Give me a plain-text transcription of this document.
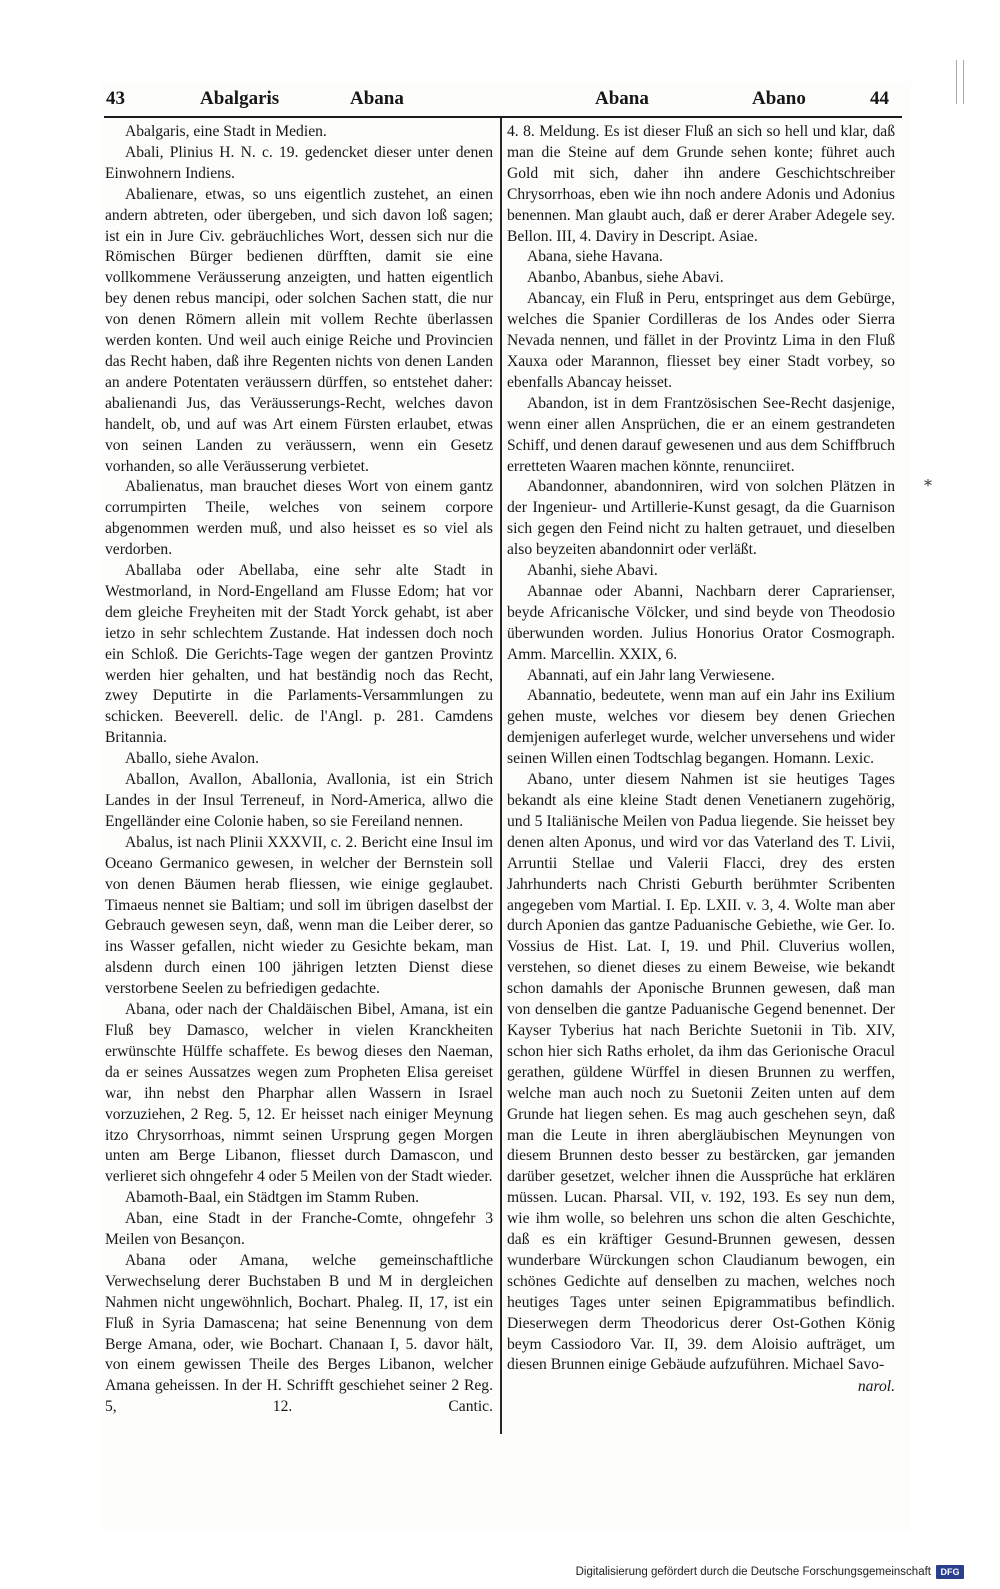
43	Abalgaris	Abana	Abana	Abano	44

Abalgaris, eine Stadt in Medien.

Abali, Plinius H. N. c. 19. gedencket dieser unter denen Einwohnern Indiens.

Abalienare, etwas, so uns eigentlich zustehet, an einen andern abtreten, oder übergeben, und sich davon loß sagen; ist ein in Jure Civ. gebräuchliches Wort, dessen sich nur die Römischen Bürger bedienen dürfften, damit sie eine vollkommene Veräusserung anzeigten, und hatten eigentlich bey denen rebus mancipi, oder solchen Sachen statt, die nur von denen Römern allein mit vollem Rechte überlassen werden konten. Und weil auch einige Reiche und Provincien das Recht haben, daß ihre Regenten nichts von denen Landen an andere Potentaten veräussern dürffen, so entstehet daher: abalienandi Jus, das Veräusserungs-Recht, welches davon handelt, ob, und auf was Art einem Fürsten erlaubet, etwas von seinen Landen zu veräussern, wenn ein Gesetz vorhanden, so alle Veräusserung verbietet.

Abalienatus, man brauchet dieses Wort von einem gantz corrumpirten Theile, welches von seinem corpore abgenommen werden muß, und also heisset es so viel als verdorben.

Aballaba oder Abellaba, eine sehr alte Stadt in Westmorland, in Nord-Engelland am Flusse Edom; hat vor dem gleiche Freyheiten mit der Stadt Yorck gehabt, ist aber ietzo in sehr schlechtem Zustande. Hat indessen doch noch ein Schloß. Die Gerichts-Tage wegen der gantzen Provintz werden hier gehalten, und hat beständig noch das Recht, zwey Deputirte in die Parlaments-Versammlungen zu schicken. Beeverell. delic. de l'Angl. p. 281. Camdens Britannia.

Aballo, siehe Avalon.

Aballon, Avallon, Aballonia, Avallonia, ist ein Strich Landes in der Insul Terreneuf, in Nord-America, allwo die Engelländer eine Colonie haben, so sie Fereiland nennen.

Abalus, ist nach Plinii XXXVII, c. 2. Bericht eine Insul im Oceano Germanico gewesen, in welcher der Bernstein soll von denen Bäumen herab fliessen, wie einige geglaubet. Timaeus nennet sie Baltiam; und soll im übrigen daselbst der Gebrauch gewesen seyn, daß, wenn man die Leiber derer, so ins Wasser gefallen, nicht wieder zu Gesichte bekam, man alsdenn durch einen 100 jährigen letzten Dienst diese verstorbene Seelen zu befriedigen gedachte.

Abana, oder nach der Chaldäischen Bibel, Amana, ist ein Fluß bey Damasco, welcher in vielen Kranckheiten erwünschte Hülffe schaffete. Es bewog dieses den Naeman, da er seines Aussatzes wegen zum Propheten Elisa gereiset war, ihn nebst den Pharphar allen Wassern in Israel vorzuziehen, 2 Reg. 5, 12. Er heisset nach einiger Meynung itzo Chrysorrhoas, nimmt seinen Ursprung gegen Morgen unten am Berge Libanon, fliesset durch Damascon, und verlieret sich ohngefehr 4 oder 5 Meilen von der Stadt wieder.

Abamoth-Baal, ein Städtgen im Stamm Ruben.

Aban, eine Stadt in der Franche-Comte, ohngefehr 3 Meilen von Besançon.

Abana oder Amana, welche gemeinschaftliche Verwechselung derer Buchstaben B und M in dergleichen Nahmen nicht ungewöhnlich, Bochart. Phaleg. II, 17, ist ein Fluß in Syria Damascena; hat seine Benennung von dem Berge Amana, oder, wie Bochart. Chanaan I, 5. davor hält, von einem gewissen Theile des Berges Libanon, welcher Amana geheissen. In der H. Schrifft geschiehet seiner 2 Reg. 5, 12. Cantic.

4. 8. Meldung. Es ist dieser Fluß an sich so hell und klar, daß man die Steine auf dem Grunde sehen konte; führet auch Gold mit sich, daher ihn andere Geschichtschreiber Chrysorrhoas, eben wie ihn noch andere Adonis und Adonius benennen. Man glaubt auch, daß er derer Araber Adegele sey. Bellon. III, 4. Daviry in Descript. Asiae.

Abana, siehe Havana.

Abanbo, Abanbus, siehe Abavi.

Abancay, ein Fluß in Peru, entspringet aus dem Gebürge, welches die Spanier Cordilleras de los Andes oder Sierra Nevada nennen, und fället in der Provintz Lima in den Fluß Xauxa oder Marannon, fliesset bey einer Stadt vorbey, so ebenfalls Abancay heisset.

Abandon, ist in dem Frantzösischen See-Recht dasjenige, wenn einer allen Ansprüchen, die er an einem gestrandeten Schiff, und denen darauf gewesenen und aus dem Schiffbruch erretteten Waaren machen könnte, renunciiret.

Abandonner, abandonniren, wird von solchen Plätzen in der Ingenieur- und Artillerie-Kunst gesagt, da die Guarnison sich gegen den Feind nicht zu halten getrauet, und dieselben also beyzeiten abandonnirt oder verläßt.

Abanhi, siehe Abavi.

Abannae oder Abanni, Nachbarn derer Caprarienser, beyde Africanische Völcker, und sind beyde von Theodosio überwunden worden. Julius Honorius Orator Cosmograph. Amm. Marcellin. XXIX, 6.

Abannati, auf ein Jahr lang Verwiesene.

Abannatio, bedeutete, wenn man auf ein Jahr ins Exilium gehen muste, welches vor diesem bey denen Griechen demjenigen auferleget wurde, welcher unversehens und wider seinen Willen einen Todtschlag begangen. Homann. Lexic.

Abano, unter diesem Nahmen ist sie heutiges Tages bekandt als eine kleine Stadt denen Venetianern zugehörig, und 5 Italiänische Meilen von Padua liegende. Sie heisset bey denen alten Aponus, und wird vor das Vaterland des T. Livii, Arruntii Stellae und Valerii Flacci, drey des ersten Jahrhunderts nach Christi Geburth berühmter Scribenten angegeben vom Martial. I. Ep. LXII. v. 3, 4. Wolte man aber durch Aponien das gantze Paduanische Gebiethe, wie Ger. Io. Vossius de Hist. Lat. I, 19. und Phil. Cluverius wollen, verstehen, so dienet dieses zu einem Beweise, wie bekandt schon damahls der Aponische Brunnen gewesen, daß man von denselben die gantze Paduanische Gegend benennet. Der Kayser Tyberius hat nach Berichte Suetonii in Tib. XIV, schon hier sich Raths erholet, da ihm das Gerionische Oracul gerathen, güldene Würffel in diesen Brunnen zu werffen, welche man auch noch zu Suetonii Zeiten unten auf dem Grunde hat liegen sehen. Es mag auch geschehen seyn, daß man die Leute in ihren abergläubischen Meynungen von diesem Brunnen desto besser zu bestärcken, gar jemanden darüber gesetzet, welcher ihnen die Aussprüche hat erklären müssen. Lucan. Pharsal. VII, v. 192, 193. Es sey nun dem, wie ihm wolle, so belehren uns schon die alten Geschichte, daß es ein kräftiger Gesund-Brunnen gewesen, dessen wunderbare Würckungen schon Claudianum bewogen, ein schönes Gedichte auf denselben zu machen, welches noch heutiges Tages unter seinen Epigrammatibus befindlich. Dieserwegen derm Theodoricus derer Ost-Gothen König beym Cassiodoro Var. II, 39. dem Aloisio aufträget, um diesen Brunnen einige Gebäude aufzuführen. Michael Savo-

narol.

*
Digitalisierung gefördert durch die Deutsche Forschungsgemeinschaft	DFG
